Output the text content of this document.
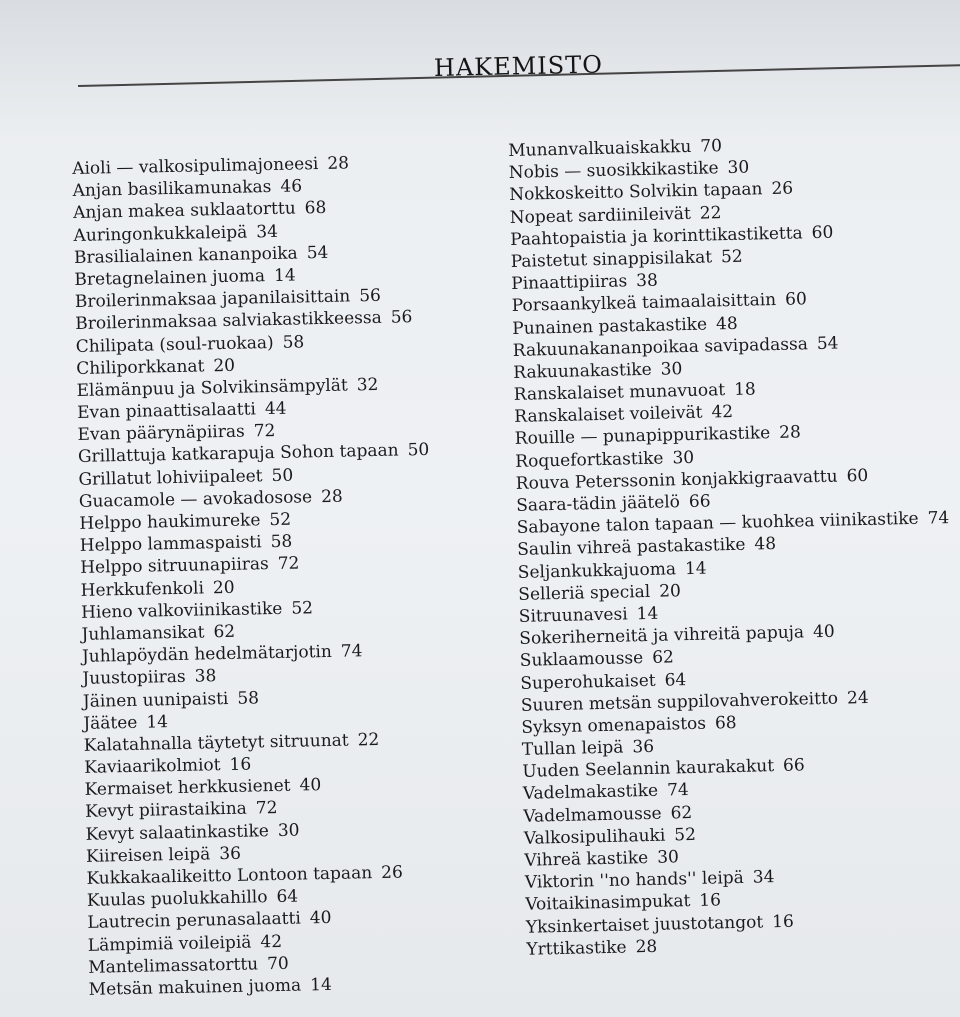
HAKEMISTO
Aioli — valkosipulimajoneesi 28
Anjan basilikamunakas 46
Anjan makea suklaatorttu 68
Auringonkukkaleipä 34
Brasilialainen kananpoika 54
Bretagnelainen juoma 14
Broilerinmaksaa japanilaisittain 56
Broilerinmaksaa salviakastikkeessa 56
Chilipata (soul-ruokaa) 58
Chiliporkkanat 20
Elämänpuu ja Solvikinsämpylät 32
Evan pinaattisalaatti 44
Evan päärynäpiiras 72
Grillattuja katkarapuja Sohon tapaan 50
Grillatut lohiviipaleet 50
Guacamole — avokadosose 28
Helppo haukimureke 52
Helppo lammaspaisti 58
Helppo sitruunapiiras 72
Herkkufenkoli 20
Hieno valkoviinikastike 52
Juhlamansikat 62
Juhlapöydän hedelmätarjotin 74
Juustopiiras 38
Jäinen uunipaisti 58
Jäätee 14
Kalatahnalla täytetyt sitruunat 22
Kaviaarikolmiot 16
Kermaiset herkkusienet 40
Kevyt piirastaikina 72
Kevyt salaatinkastike 30
Kiireisen leipä 36
Kukkakaalikeitto Lontoon tapaan 26
Kuulas puolukkahillo 64
Lautrecin perunasalaatti 40
Lämpimiä voileipiä 42
Mantelimassatorttu 70
Metsän makuinen juoma 14
Munanvalkuaiskakku 70
Nobis — suosikkikastike 30
Nokkoskeitto Solvikin tapaan 26
Nopeat sardiinileivät 22
Paahtopaistia ja korinttikastiketta 60
Paistetut sinappisilakat 52
Pinaattipiiras 38
Porsaankylkeä taimaalaisittain 60
Punainen pastakastike 48
Rakuunakananpoikaa savipadassa 54
Rakuunakastike 30
Ranskalaiset munavuoat 18
Ranskalaiset voileivät 42
Rouille — punapippurikastike 28
Roquefortkastike 30
Rouva Peterssonin konjakkigraavattu 60
Saara-tädin jäätelö 66
Sabayone talon tapaan — kuohkea viinikastike 74
Saulin vihreä pastakastike 48
Seljankukkajuoma 14
Selleriä special 20
Sitruunavesi 14
Sokeriherneitä ja vihreitä papuja 40
Suklaamousse 62
Superohukaiset 64
Suuren metsän suppilovahverokeitto 24
Syksyn omenapaistos 68
Tullan leipä 36
Uuden Seelannin kaurakakut 66
Vadelmakastike 74
Vadelmamousse 62
Valkosipulihauki 52
Vihreä kastike 30
Viktorin ''no hands'' leipä 34
Voitaikinasimpukat 16
Yksinkertaiset juustotangot 16
Yrttikastike 28
